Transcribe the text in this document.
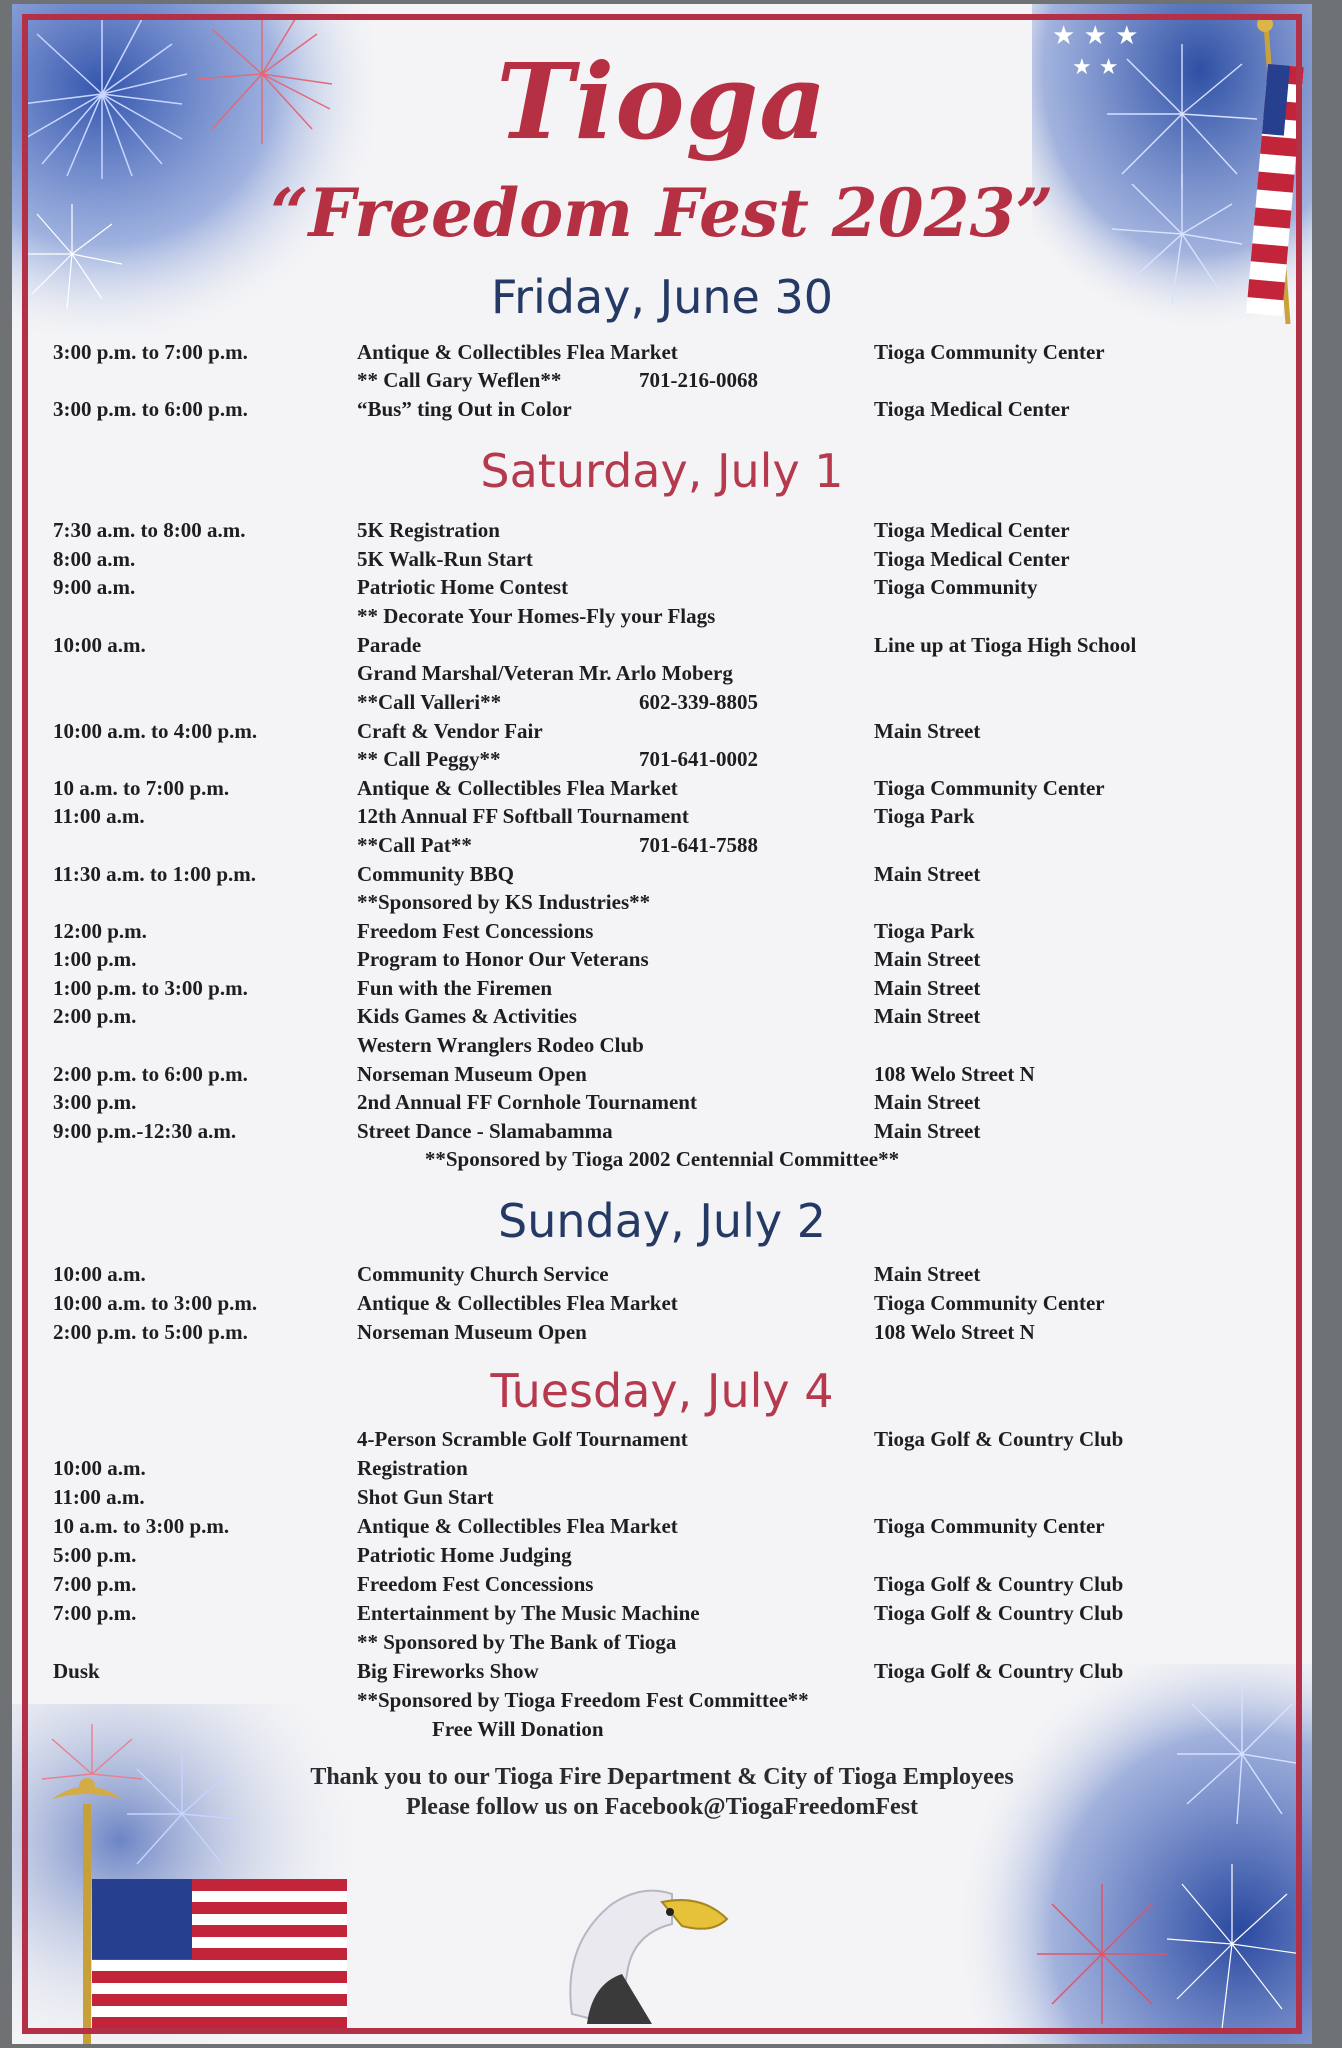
★ ★ ★
★ ★
Tioga
“Freedom Fest 2023”
Friday, June 30
3:00 p.m. to 7:00 p.m.	Antique & Collectibles Flea Market	Tioga Community Center
** Call Gary Weflen**	701-216-0068
3:00 p.m. to 6:00 p.m.	“Bus” ting Out in Color	Tioga Medical Center
Saturday, July 1
7:30 a.m. to 8:00 a.m.	5K Registration	Tioga Medical Center
8:00 a.m.	5K Walk-Run Start	Tioga Medical Center
9:00 a.m.	Patriotic Home Contest	Tioga Community
** Decorate Your Homes-Fly your Flags
10:00 a.m.	Parade	Line up at Tioga High School
Grand Marshal/Veteran Mr. Arlo Moberg
**Call Valleri**	602-339-8805
10:00 a.m. to 4:00 p.m.	Craft & Vendor Fair	Main Street
** Call Peggy**	701-641-0002
10 a.m. to 7:00 p.m.	Antique & Collectibles Flea Market	Tioga Community Center
11:00 a.m.	12th Annual FF Softball Tournament	Tioga Park
**Call Pat**	701-641-7588
11:30 a.m. to 1:00 p.m.	Community BBQ	Main Street
**Sponsored by KS Industries**
12:00 p.m.	Freedom Fest Concessions	Tioga Park
1:00 p.m.	Program to Honor Our Veterans	Main Street
1:00 p.m. to 3:00 p.m.	Fun with the Firemen	Main Street
2:00 p.m.	Kids Games & Activities	Main Street
Western Wranglers Rodeo Club
2:00 p.m. to 6:00 p.m.	Norseman Museum Open	108 Welo Street N
3:00 p.m.	2nd Annual FF Cornhole Tournament	Main Street
9:00 p.m.-12:30 a.m.	Street Dance - Slamabamma	Main Street
**Sponsored by Tioga 2002 Centennial Committee**
Sunday, July 2
10:00 a.m.	Community Church Service	Main Street
10:00 a.m. to 3:00 p.m.	Antique & Collectibles Flea Market	Tioga Community Center
2:00 p.m. to 5:00 p.m.	Norseman Museum Open	108 Welo Street N
Tuesday, July 4
4-Person Scramble Golf Tournament	Tioga Golf & Country Club
10:00 a.m.	Registration
11:00 a.m.	Shot Gun Start
10 a.m. to 3:00 p.m.	Antique & Collectibles Flea Market	Tioga Community Center
5:00 p.m.	Patriotic Home Judging
7:00 p.m.	Freedom Fest Concessions	Tioga Golf & Country Club
7:00 p.m.	Entertainment by The Music Machine	Tioga Golf & Country Club
** Sponsored by The Bank of Tioga
Dusk	Big Fireworks Show	Tioga Golf & Country Club
**Sponsored by Tioga Freedom Fest Committee**
Free Will Donation
Thank you to our Tioga Fire Department & City of Tioga Employees
Please follow us on Facebook@TiogaFreedomFest
